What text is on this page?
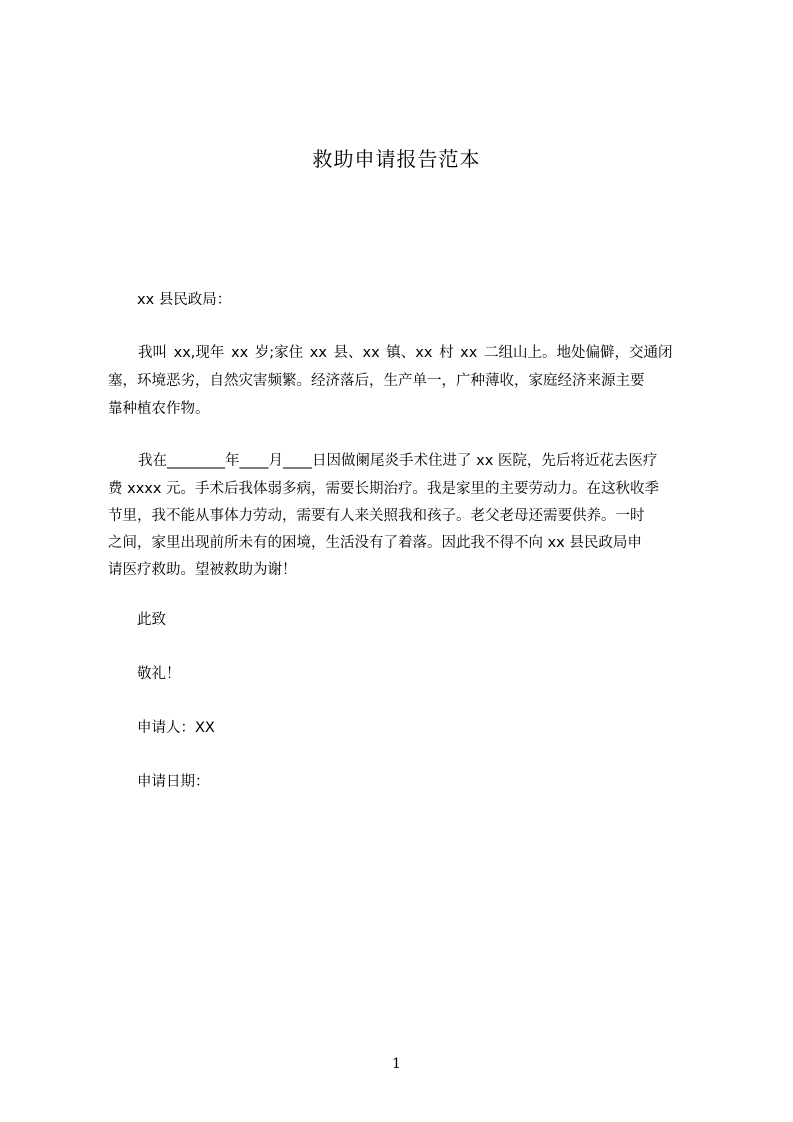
救助申请报告范本
xx 县民政局：
我叫 xx,现年 xx 岁;家住 xx 县、xx 镇、xx 村 xx 二组山上。地处偏僻，交通闭
塞，环境恶劣，自然灾害频繁。经济落后，生产单一，广种薄收，家庭经济来源主要
靠种植农作物。
我在________年____月____日因做阑尾炎手术住进了 xx 医院，先后将近花去医疗
费 xxxx 元。手术后我体弱多病，需要长期治疗。我是家里的主要劳动力。在这秋收季
节里，我不能从事体力劳动，需要有人来关照我和孩子。老父老母还需要供养。一时
之间，家里出现前所未有的困境，生活没有了着落。因此我不得不向 xx 县民政局申
请医疗救助。望被救助为谢！
此致
敬礼！
申请人：XX
申请日期：
1
